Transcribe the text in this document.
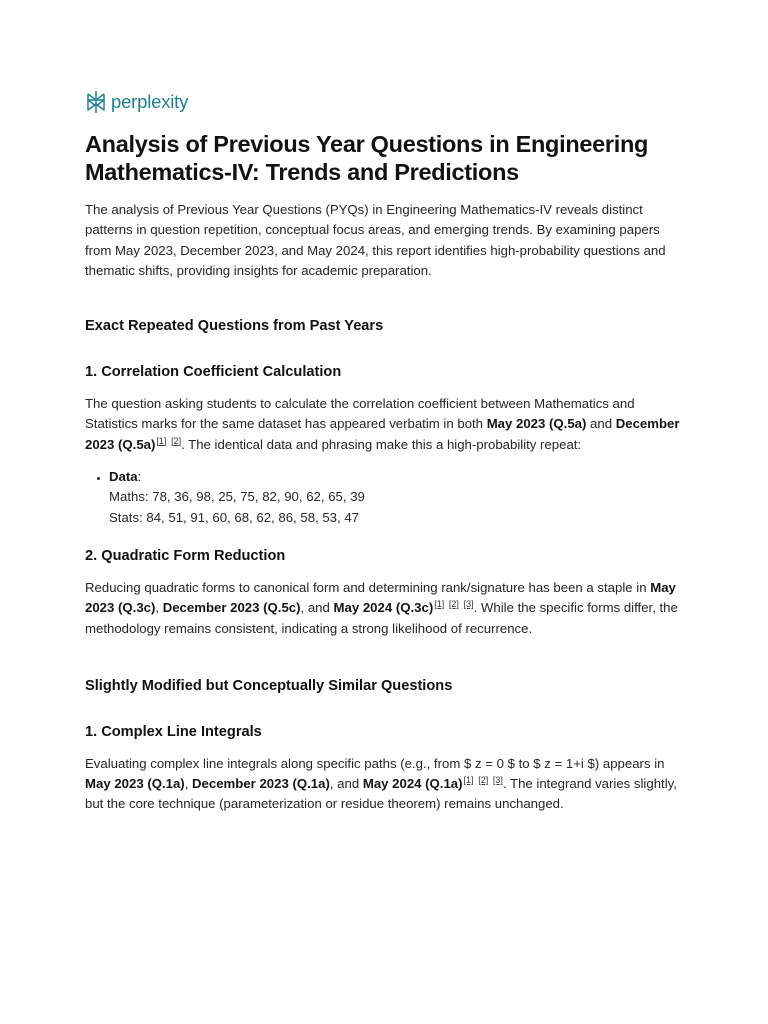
perplexity
Analysis of Previous Year Questions in Engineering Mathematics-IV: Trends and Predictions

The analysis of Previous Year Questions (PYQs) in Engineering Mathematics-IV reveals distinct patterns in question repetition, conceptual focus areas, and emerging trends. By examining papers from May 2023, December 2023, and May 2024, this report identifies high-probability questions and thematic shifts, providing insights for academic preparation.

Exact Repeated Questions from Past Years
1. Correlation Coefficient Calculation

The question asking students to calculate the correlation coefficient between Mathematics and Statistics marks for the same dataset has appeared verbatim in both May 2023 (Q.5a) and December 2023 (Q.5a)[1] [2]. The identical data and phrasing make this a high-probability repeat:

• Data:
Maths: 78, 36, 98, 25, 75, 82, 90, 62, 65, 39
Stats: 84, 51, 91, 60, 68, 62, 86, 58, 53, 47
2. Quadratic Form Reduction

Reducing quadratic forms to canonical form and determining rank/signature has been a staple in May 2023 (Q.3c), December 2023 (Q.5c), and May 2024 (Q.3c)[1] [2] [3]. While the specific forms differ, the methodology remains consistent, indicating a strong likelihood of recurrence.

Slightly Modified but Conceptually Similar Questions
1. Complex Line Integrals

Evaluating complex line integrals along specific paths (e.g., from $ z = 0 $ to $ z = 1+i $) appears in May 2023 (Q.1a), December 2023 (Q.1a), and May 2024 (Q.1a)[1] [2] [3]. The integrand varies slightly, but the core technique (parameterization or residue theorem) remains unchanged.
